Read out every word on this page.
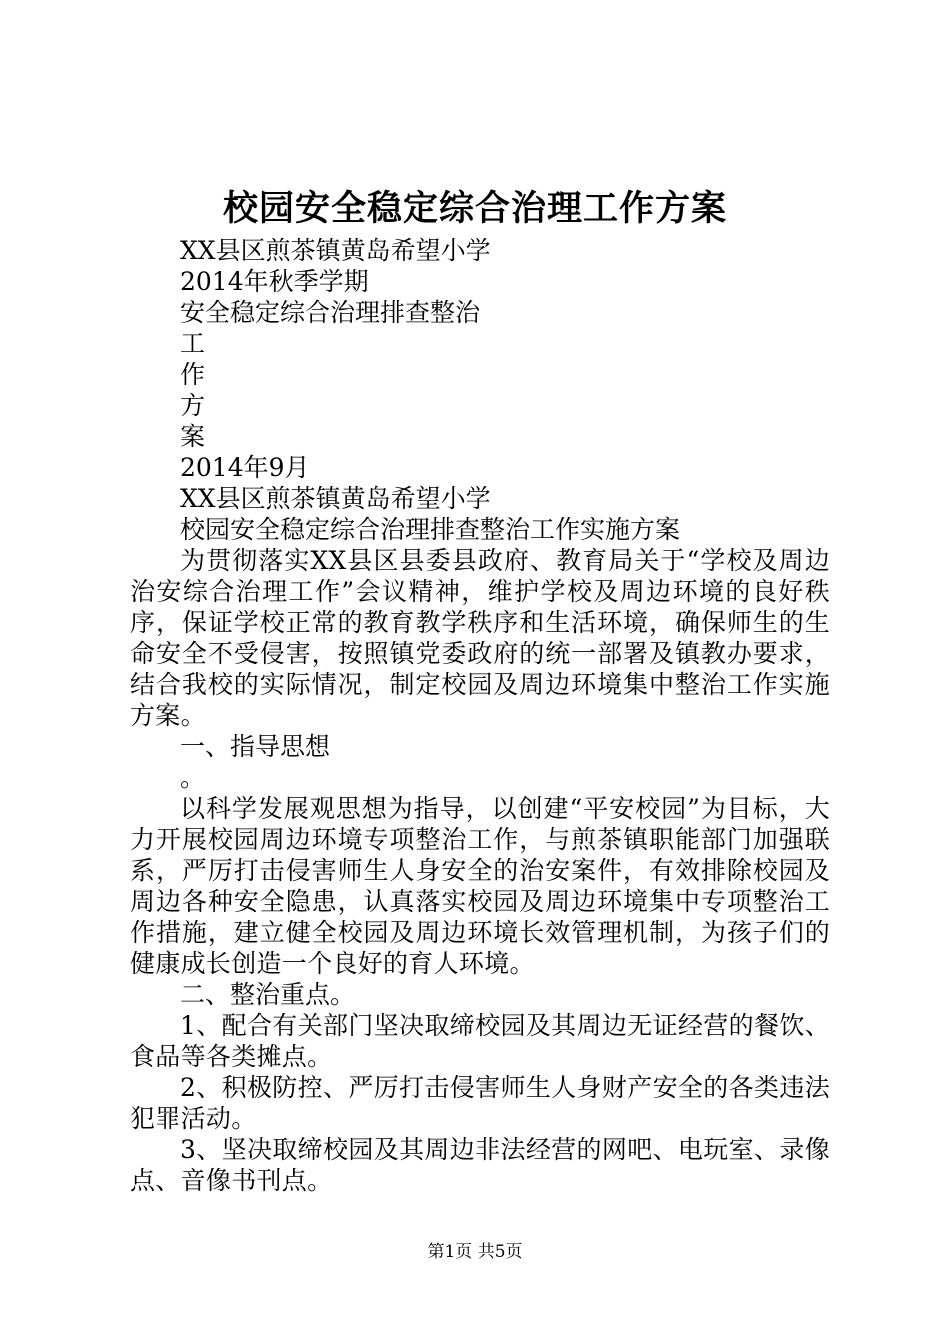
校园安全稳定综合治理工作方案
XX县区煎茶镇黄岛希望小学
2014年秋季学期
安全稳定综合治理排查整治
工
作
方
案
2014年9月
XX县区煎茶镇黄岛希望小学
校园安全稳定综合治理排查整治工作实施方案

为贯彻落实XX县区县委县政府、教育局关于“学校及周边治安综合治理工作”会议精神，维护学校及周边环境的良好秩序，保证学校正常的教育教学秩序和生活环境，确保师生的生命安全不受侵害，按照镇党委政府的统一部署及镇教办要求，结合我校的实际情况，制定校园及周边环境集中整治工作实施方案。

一、指导思想
。

以科学发展观思想为指导，以创建“平安校园”为目标，大力开展校园周边环境专项整治工作，与煎茶镇职能部门加强联系，严厉打击侵害师生人身安全的治安案件，有效排除校园及周边各种安全隐患，认真落实校园及周边环境集中专项整治工作措施，建立健全校园及周边环境长效管理机制，为孩子们的健康成长创造一个良好的育人环境。

二、整治重点。

1、配合有关部门坚决取缔校园及其周边无证经营的餐饮、食品等各类摊点。

2、积极防控、严厉打击侵害师生人身财产安全的各类违法犯罪活动。

3、坚决取缔校园及其周边非法经营的网吧、电玩室、录像点、音像书刊点。

第1页 共5页
